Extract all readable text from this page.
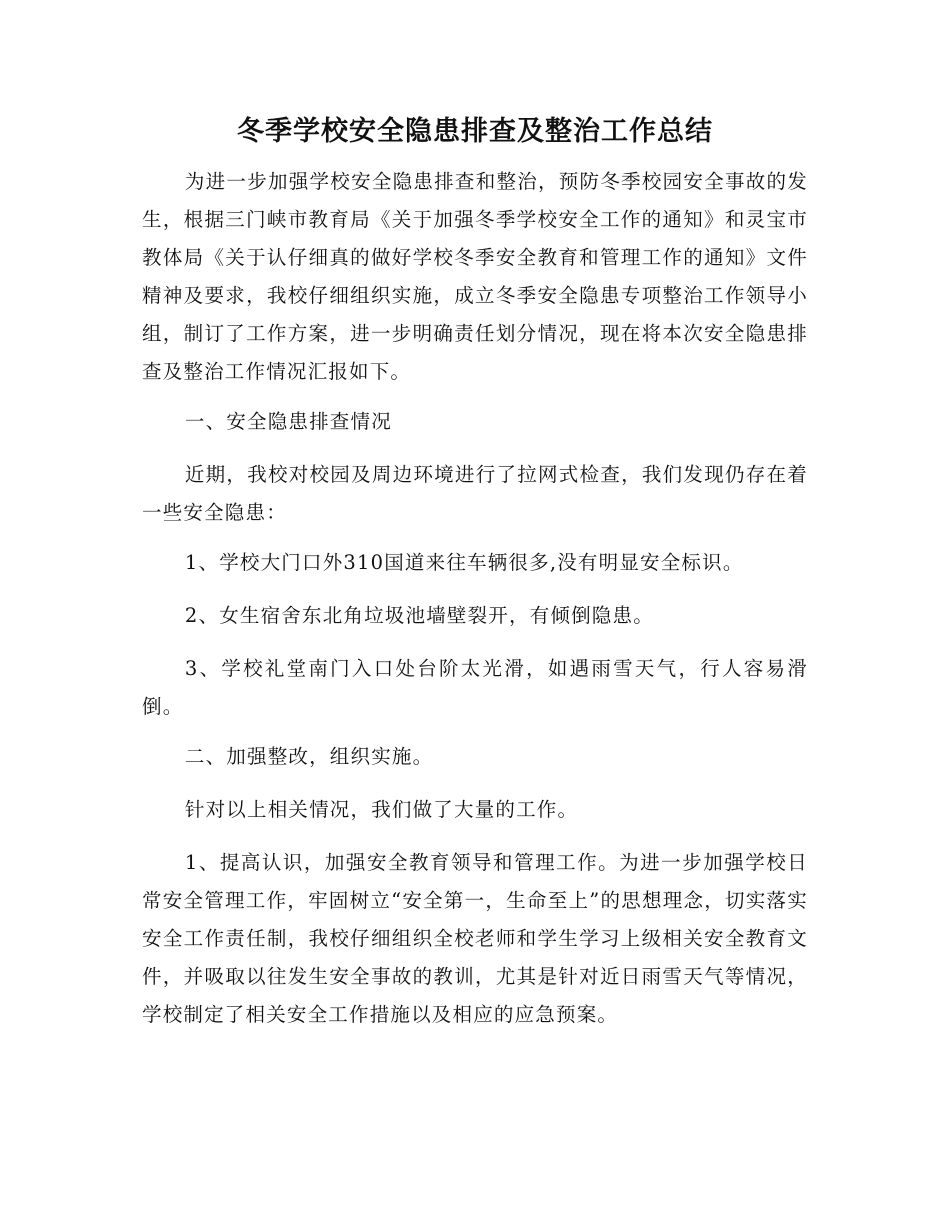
冬季学校安全隐患排查及整治工作总结

为进一步加强学校安全隐患排查和整治，预防冬季校园安全事故的发生，根据三门峡市教育局《关于加强冬季学校安全工作的通知》和灵宝市教体局《关于认仔细真的做好学校冬季安全教育和管理工作的通知》文件精神及要求，我校仔细组织实施，成立冬季安全隐患专项整治工作领导小组，制订了工作方案，进一步明确责任划分情况，现在将本次安全隐患排查及整治工作情况汇报如下。

一、安全隐患排查情况

近期，我校对校园及周边环境进行了拉网式检查，我们发现仍存在着一些安全隐患：

1、学校大门口外310国道来往车辆很多,没有明显安全标识。

2、女生宿舍东北角垃圾池墙壁裂开，有倾倒隐患。

3、学校礼堂南门入口处台阶太光滑，如遇雨雪天气，行人容易滑倒。

二、加强整改，组织实施。

针对以上相关情况，我们做了大量的工作。

1、提高认识，加强安全教育领导和管理工作。为进一步加强学校日常安全管理工作，牢固树立“安全第一，生命至上”的思想理念，切实落实安全工作责任制，我校仔细组织全校老师和学生学习上级相关安全教育文件，并吸取以往发生安全事故的教训，尤其是针对近日雨雪天气等情况，学校制定了相关安全工作措施以及相应的应急预案。
